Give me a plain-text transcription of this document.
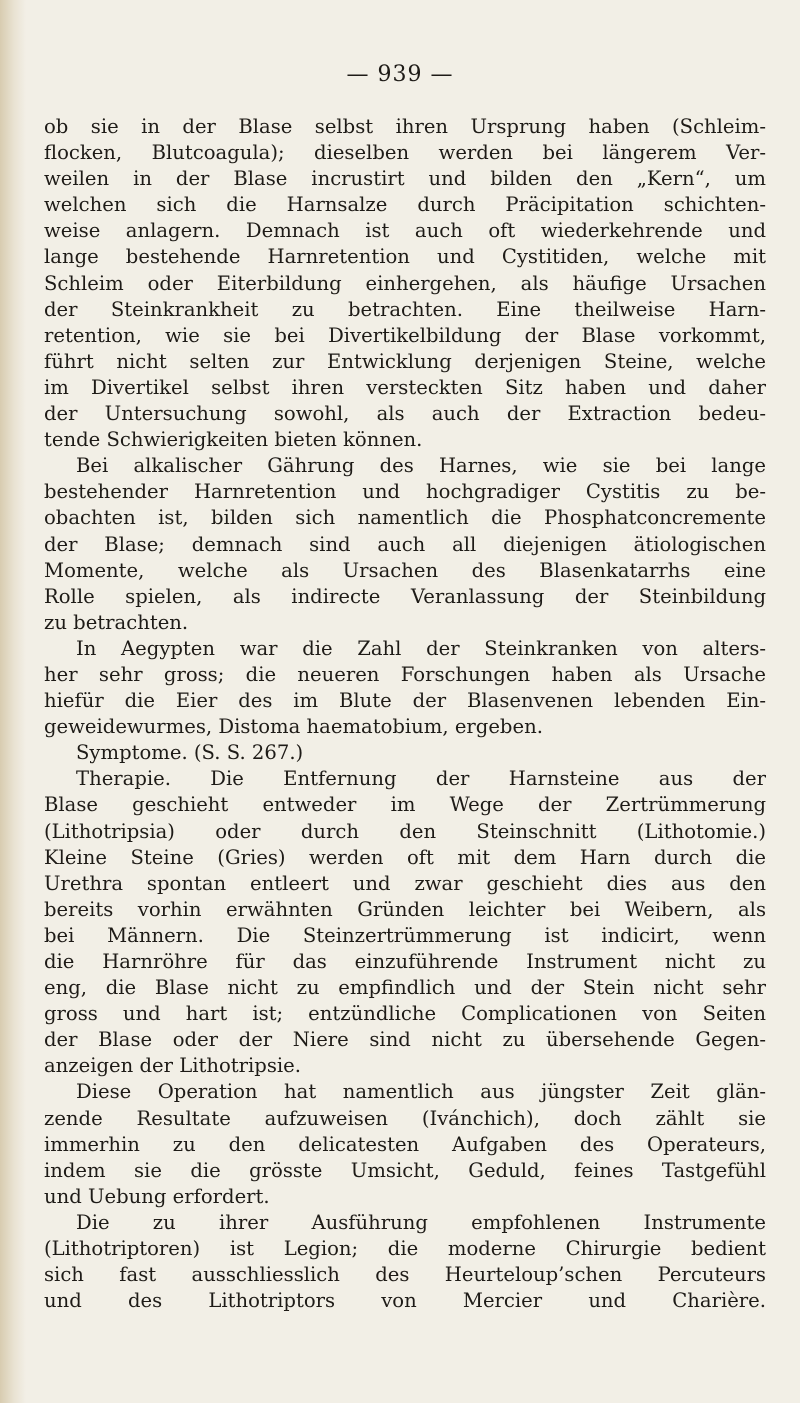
— 939 —
ob sie in der Blase selbst ihren Ursprung haben (Schleim-
flocken, Blutcoagula); dieselben werden bei längerem Ver-
weilen in der Blase incrustirt und bilden den „Kern“, um
welchen sich die Harnsalze durch Präcipitation schichten-
weise anlagern. Demnach ist auch oft wiederkehrende und
lange bestehende Harnretention und Cystitiden, welche mit
Schleim oder Eiterbildung einhergehen, als häufige Ursachen
der Steinkrankheit zu betrachten. Eine theilweise Harn-
retention, wie sie bei Divertikelbildung der Blase vorkommt,
führt nicht selten zur Entwicklung derjenigen Steine, welche
im Divertikel selbst ihren versteckten Sitz haben und daher
der Untersuchung sowohl, als auch der Extraction bedeu-
tende Schwierigkeiten bieten können.
Bei alkalischer Gährung des Harnes, wie sie bei lange
bestehender Harnretention und hochgradiger Cystitis zu be-
obachten ist, bilden sich namentlich die Phosphatconcremente
der Blase; demnach sind auch all diejenigen ätiologischen
Momente, welche als Ursachen des Blasenkatarrhs eine
Rolle spielen, als indirecte Veranlassung der Steinbildung
zu betrachten.
In Aegypten war die Zahl der Steinkranken von alters-
her sehr gross; die neueren Forschungen haben als Ursache
hiefür die Eier des im Blute der Blasenvenen lebenden Ein-
geweidewurmes, Distoma haematobium, ergeben.
Symptome. (S. S. 267.)
Therapie. Die Entfernung der Harnsteine aus der
Blase geschieht entweder im Wege der Zertrümmerung
(Lithotripsia) oder durch den Steinschnitt (Lithotomie.)
Kleine Steine (Gries) werden oft mit dem Harn durch die
Urethra spontan entleert und zwar geschieht dies aus den
bereits vorhin erwähnten Gründen leichter bei Weibern, als
bei Männern. Die Steinzertrümmerung ist indicirt, wenn
die Harnröhre für das einzuführende Instrument nicht zu
eng, die Blase nicht zu empfindlich und der Stein nicht sehr
gross und hart ist; entzündliche Complicationen von Seiten
der Blase oder der Niere sind nicht zu übersehende Gegen-
anzeigen der Lithotripsie.
Diese Operation hat namentlich aus jüngster Zeit glän-
zende Resultate aufzuweisen (Ivánchich), doch zählt sie
immerhin zu den delicatesten Aufgaben des Operateurs,
indem sie die grösste Umsicht, Geduld, feines Tastgefühl
und Uebung erfordert.
Die zu ihrer Ausführung empfohlenen Instrumente
(Lithotriptoren) ist Legion; die moderne Chirurgie bedient
sich fast ausschliesslich des Heurteloup’schen Percuteurs
und des Lithotriptors von Mercier und Charière.
